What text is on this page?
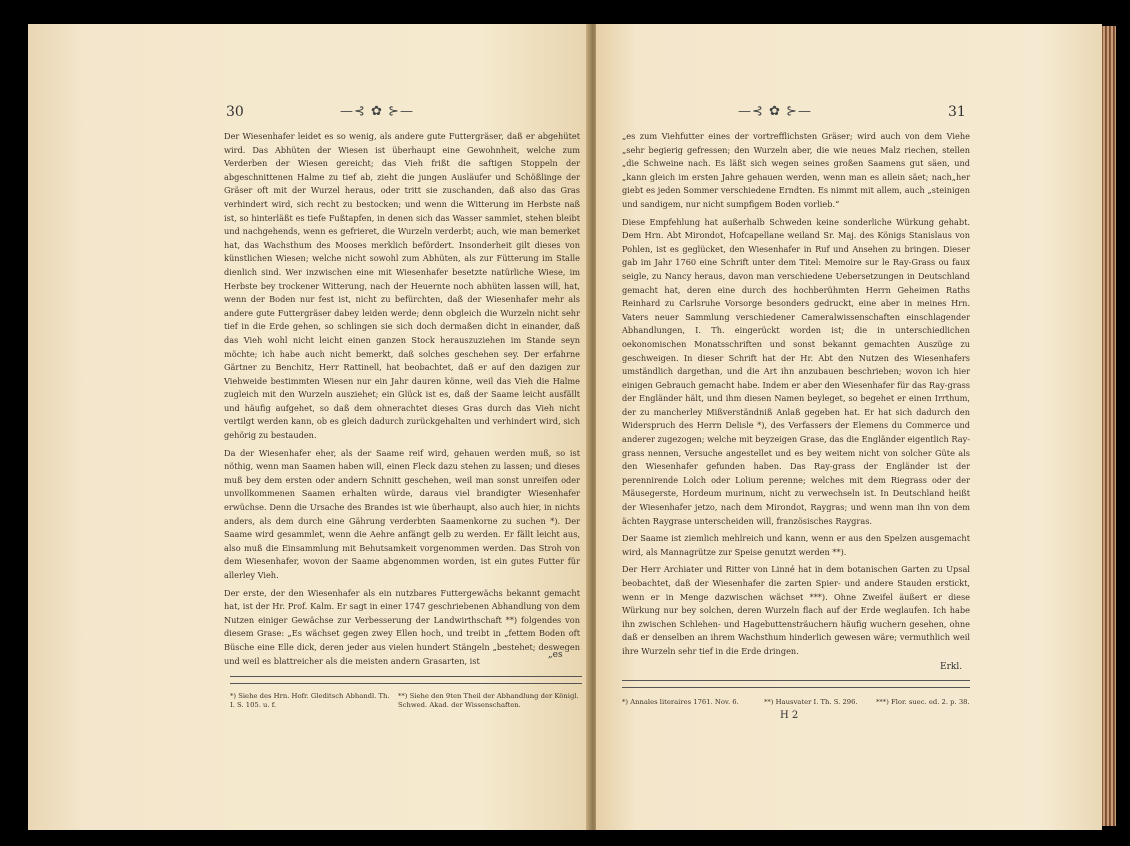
30	—⊰ ✿ ⊱—

Der Wiesenhafer leidet es so wenig, als andere gute Futtergräser, daß er abgehütet wird. Das Abhüten der Wiesen ist überhaupt eine Gewohnheit, welche zum Verderben der Wiesen gereicht; das Vieh frißt die saftigen Stoppeln der abgeschnittenen Halme zu tief ab, zieht die jungen Ausläufer und Schößlinge der Gräser oft mit der Wurzel heraus, oder tritt sie zuschanden, daß also das Gras verhindert wird, sich recht zu bestocken; und wenn die Witterung im Herbste naß ist, so hinterläßt es tiefe Fußtapfen, in denen sich das Wasser sammlet, stehen bleibt und nachgehends, wenn es gefrieret, die Wurzeln verderbt; auch, wie man bemerket hat, das Wachsthum des Mooses merklich befördert. Insonderheit gilt dieses von künstlichen Wiesen; welche nicht sowohl zum Abhüten, als zur Fütterung im Stalle dienlich sind. Wer inzwischen eine mit Wiesenhafer besetzte natürliche Wiese, im Herbste bey trockener Witterung, nach der Heuernte noch abhüten lassen will, hat, wenn der Boden nur fest ist, nicht zu befürchten, daß der Wiesenhafer mehr als andere gute Futtergräser dabey leiden werde; denn obgleich die Wurzeln nicht sehr tief in die Erde gehen, so schlingen sie sich doch dermaßen dicht in einander, daß das Vieh wohl nicht leicht einen ganzen Stock herauszuziehen im Stande seyn möchte; ich habe auch nicht bemerkt, daß solches geschehen sey. Der erfahrne Gärtner zu Benchitz, Herr Rattinell, hat beobachtet, daß er auf den dazigen zur Viehweide bestimmten Wiesen nur ein Jahr dauren könne, weil das Vieh die Halme zugleich mit den Wurzeln ausziehet; ein Glück ist es, daß der Saame leicht ausfällt und häufig aufgehet, so daß dem ohnerachtet dieses Gras durch das Vieh nicht vertilgt werden kann, ob es gleich dadurch zurückgehalten und verhindert wird, sich gehörig zu bestauden.

Da der Wiesenhafer eher, als der Saame reif wird, gehauen werden muß, so ist nöthig, wenn man Saamen haben will, einen Fleck dazu stehen zu lassen; und dieses muß bey dem ersten oder andern Schnitt geschehen, weil man sonst unreifen oder unvollkommenen Saamen erhalten würde, daraus viel brandigter Wiesenhafer erwüchse. Denn die Ursache des Brandes ist wie überhaupt, also auch hier, in nichts anders, als dem durch eine Gährung verderbten Saamenkorne zu suchen *). Der Saame wird gesammlet, wenn die Aehre anfängt gelb zu werden. Er fällt leicht aus, also muß die Einsammlung mit Behutsamkeit vorgenommen werden. Das Stroh von dem Wiesenhafer, wovon der Saame abgenommen worden, ist ein gutes Futter für allerley Vieh.

Der erste, der den Wiesenhafer als ein nutzbares Futtergewächs bekannt gemacht hat, ist der Hr. Prof. Kalm. Er sagt in einer 1747 geschriebenen Abhandlung von dem Nutzen einiger Gewächse zur Verbesserung der Landwirthschaft **) folgendes von diesem Grase: „Es wächset gegen zwey Ellen hoch, und treibt in „fettem Boden oft Büsche eine Elle dick, deren jeder aus vielen hundert Stängeln „bestehet; deswegen und weil es blattreicher als die meisten andern Grasarten, ist

„es
*) Siehe des Hrn. Hofr. Gleditsch Abhandl. Th. I. S. 105. u. f.
**) Siehe den 9ten Theil der Abhandlung der Königl. Schwed. Akad. der Wissenschaften.
—⊰ ✿ ⊱—	31

„es zum Viehfutter eines der vortrefflichsten Gräser; wird auch von dem Viehe „sehr begierig gefressen; den Wurzeln aber, die wie neues Malz riechen, stellen „die Schweine nach. Es läßt sich wegen seines großen Saamens gut säen, und „kann gleich im ersten Jahre gehauen werden, wenn man es allein säet; nach„her giebt es jeden Sommer verschiedene Erndten. Es nimmt mit allem, auch „steinigen und sandigem, nur nicht sumpfigem Boden vorlieb.“

Diese Empfehlung hat außerhalb Schweden keine sonderliche Würkung gehabt. Dem Hrn. Abt Mirondot, Hofcapellane weiland Sr. Maj. des Königs Stanislaus von Pohlen, ist es geglücket, den Wiesenhafer in Ruf und Ansehen zu bringen. Dieser gab im Jahr 1760 eine Schrift unter dem Titel: Memoire sur le Ray-Grass ou faux seigle, zu Nancy heraus, davon man verschiedene Uebersetzungen in Deutschland gemacht hat, deren eine durch des hochberühmten Herrn Geheimen Raths Reinhard zu Carlsruhe Vorsorge besonders gedruckt, eine aber in meines Hrn. Vaters neuer Sammlung verschiedener Cameralwissenschaften einschlagender Abhandlungen, I. Th. eingerückt worden ist; die in unterschiedlichen oekonomischen Monatsschriften und sonst bekannt gemachten Auszüge zu geschweigen. In dieser Schrift hat der Hr. Abt den Nutzen des Wiesenhafers umständlich dargethan, und die Art ihn anzubauen beschrieben; wovon ich hier einigen Gebrauch gemacht habe. Indem er aber den Wiesenhafer für das Ray-grass der Engländer hält, und ihm diesen Namen beyleget, so begehet er einen Irrthum, der zu mancherley Mißverständniß Anlaß gegeben hat. Er hat sich dadurch den Widerspruch des Herrn Delisle *), des Verfassers der Elemens du Commerce und anderer zugezogen; welche mit beyzeigen Grase, das die Engländer eigentlich Ray-grass nennen, Versuche angestellet und es bey weitem nicht von solcher Güte als den Wiesenhafer gefunden haben. Das Ray-grass der Engländer ist der perennirende Lolch oder Lolium perenne; welches mit dem Riegrass oder der Mäusegerste, Hordeum murinum, nicht zu verwechseln ist. In Deutschland heißt der Wiesenhafer jetzo, nach dem Mirondot, Raygras; und wenn man ihn von dem ächten Raygrase unterscheiden will, französisches Raygras.

Der Saame ist ziemlich mehlreich und kann, wenn er aus den Spelzen ausgemacht wird, als Mannagrütze zur Speise genutzt werden **).

Der Herr Archiater und Ritter von Linné hat in dem botanischen Garten zu Upsal beobachtet, daß der Wiesenhafer die zarten Spier- und andere Stauden erstickt, wenn er in Menge dazwischen wächset ***). Ohne Zweifel äußert er diese Würkung nur bey solchen, deren Wurzeln flach auf der Erde weglaufen. Ich habe ihn zwischen Schlehen- und Hagebuttensträuchern häufig wuchern gesehen, ohne daß er denselben an ihrem Wachsthum hinderlich gewesen wäre; vermuthlich weil ihre Wurzeln sehr tief in die Erde dringen.

Erkl.
*) Annales literaires 1761. Nov. 6.	**) Hausvater I. Th. S. 296.	***) Flor. suec. ed. 2. p. 38.
H 2
